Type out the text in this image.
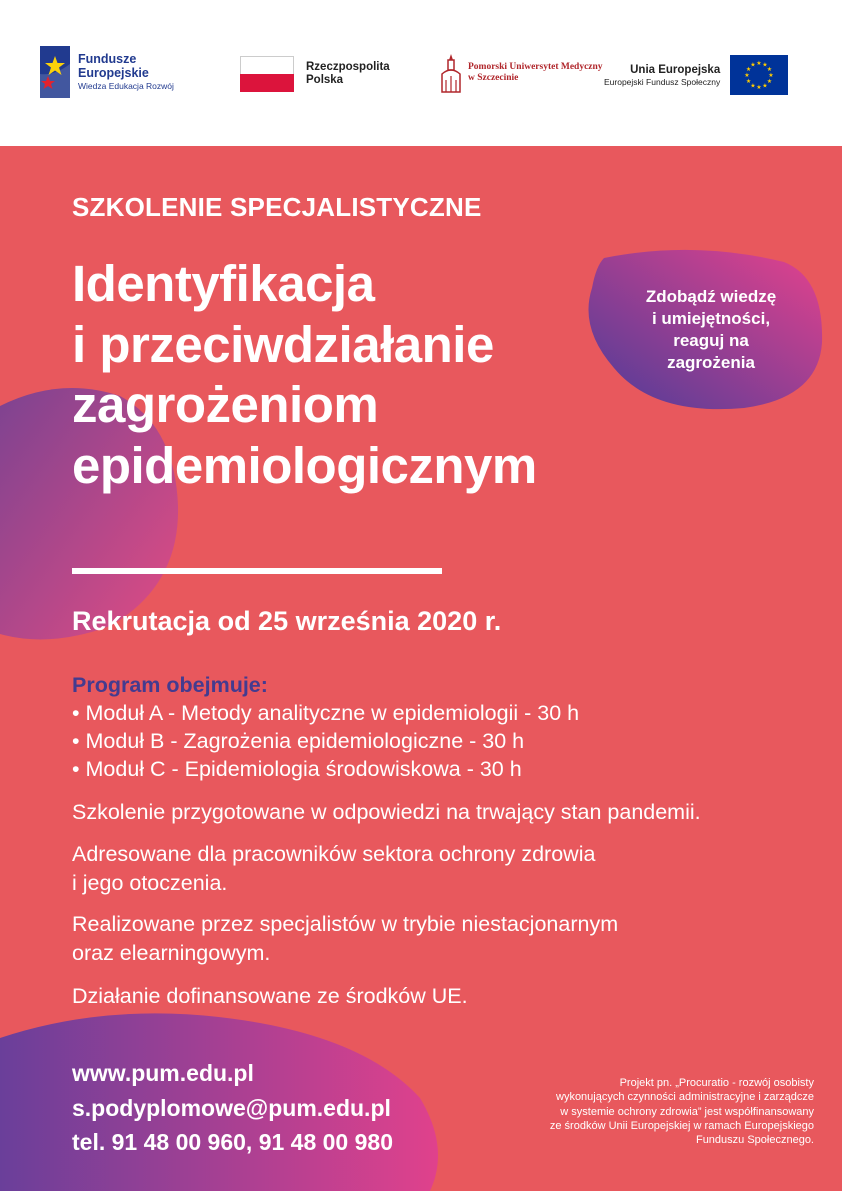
Fundusze
Europejskie
Wiedza Edukacja Rozwój
Rzeczpospolita
Polska
Pomorski Uniwersytet Medyczny
w Szczecinie
Unia Europejska
Europejski Fundusz Społeczny
★ ★
★
★
★
★
★
★
★
★
★
★
Zdobądź wiedzę
i umiejętności,
reaguj na
zagrożenia
SZKOLENIE SPECJALISTYCZNE
Identyfikacja
i przeciwdziałanie
zagrożeniom
epidemiologicznym

Rekrutacja od 25 września 2020 r.

Program obejmuje:
• Moduł A - Metody analityczne w epidemiologii - 30 h
• Moduł B - Zagrożenia epidemiologiczne - 30 h
• Moduł C - Epidemiologia środowiskowa - 30 h

Szkolenie przygotowane w odpowiedzi na trwający stan pandemii.

Adresowane dla pracowników sektora ochrony zdrowia
i jego otoczenia.

Realizowane przez specjalistów w trybie niestacjonarnym
oraz elearningowym.

Działanie dofinansowane ze środków UE.

www.pum.edu.pl
s.podyplomowe@pum.edu.pl
tel. 91 48 00 960, 91 48 00 980
Projekt pn. „Procuratio - rozwój osobisty
wykonujących czynności administracyjne i zarządcze
w systemie ochrony zdrowia” jest współfinansowany
ze środków Unii Europejskiej w ramach Europejskiego
Funduszu Społecznego.
